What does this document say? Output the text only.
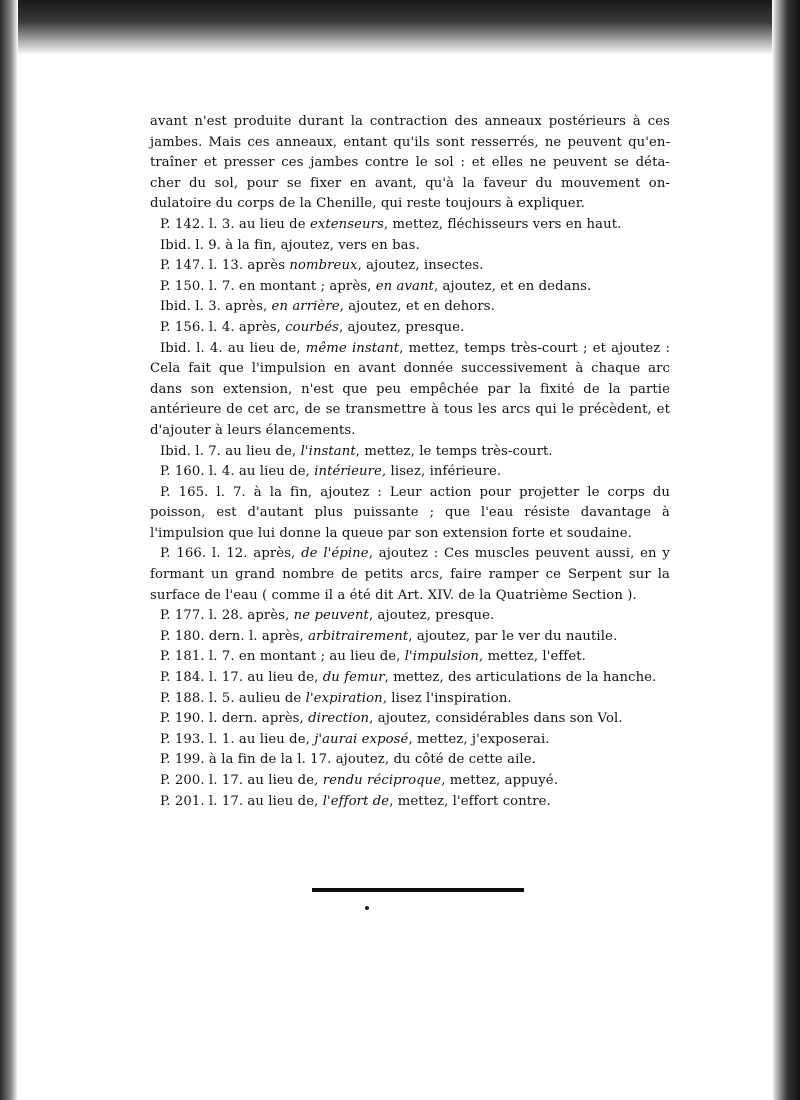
avant n'est produite durant la contraction des anneaux postérieurs à ces jambes. Mais ces anneaux, entant qu'ils sont resserrés, ne peuvent qu'en- traîner et presser ces jambes contre le sol : et elles ne peuvent se déta- cher du sol, pour se fixer en avant, qu'à la faveur du mouvement on- dulatoire du corps de la Chenille, qui reste toujours à expliquer.

P. 142. l. 3. au lieu de extenseurs, mettez, fléchisseurs vers en haut.

Ibid. l. 9. à la fin, ajoutez, vers en bas.

P. 147. l. 13. après nombreux, ajoutez, insectes.

P. 150. l. 7. en montant ; après, en avant, ajoutez, et en dedans.

Ibid. l. 3. après, en arrière, ajoutez, et en dehors.

P. 156. l. 4. après, courbés, ajoutez, presque.

Ibid. l. 4. au lieu de, même instant, mettez, temps très-court ; et ajoutez : Cela fait que l'impulsion en avant donnée successivement à chaque arc dans son extension, n'est que peu empêchée par la fixité de la partie antérieure de cet arc, de se transmettre à tous les arcs qui le précèdent, et d'ajouter à leurs élancements.

Ibid. l. 7. au lieu de, l'instant, mettez, le temps très-court.

P. 160. l. 4. au lieu de, intérieure, lisez, inférieure.

P. 165. l. 7. à la fin, ajoutez : Leur action pour projetter le corps du poisson, est d'autant plus puissante ; que l'eau résiste davantage à l'impulsion que lui donne la queue par son extension forte et soudaine.

P. 166. l. 12. après, de l'épine, ajoutez : Ces muscles peuvent aussi, en y formant un grand nombre de petits arcs, faire ramper ce Serpent sur la surface de l'eau ( comme il a été dit Art. XIV. de la Quatrième Section ).

P. 177. l. 28. après, ne peuvent, ajoutez, presque.

P. 180. dern. l. après, arbitrairement, ajoutez, par le ver du nautile.

P. 181. l. 7. en montant ; au lieu de, l'impulsion, mettez, l'effet.

P. 184. l. 17. au lieu de, du femur, mettez, des articulations de la hanche.

P. 188. l. 5. aulieu de l'expiration, lisez l'inspiration.

P. 190. l. dern. après, direction, ajoutez, considérables dans son Vol.

P. 193. l. 1. au lieu de, j'aurai exposé, mettez, j'exposerai.

P. 199. à la fin de la l. 17. ajoutez, du côté de cette aile.

P. 200. l. 17. au lieu de, rendu réciproque, mettez, appuyé.

P. 201. l. 17. au lieu de, l'effort de, mettez, l'effort contre.
